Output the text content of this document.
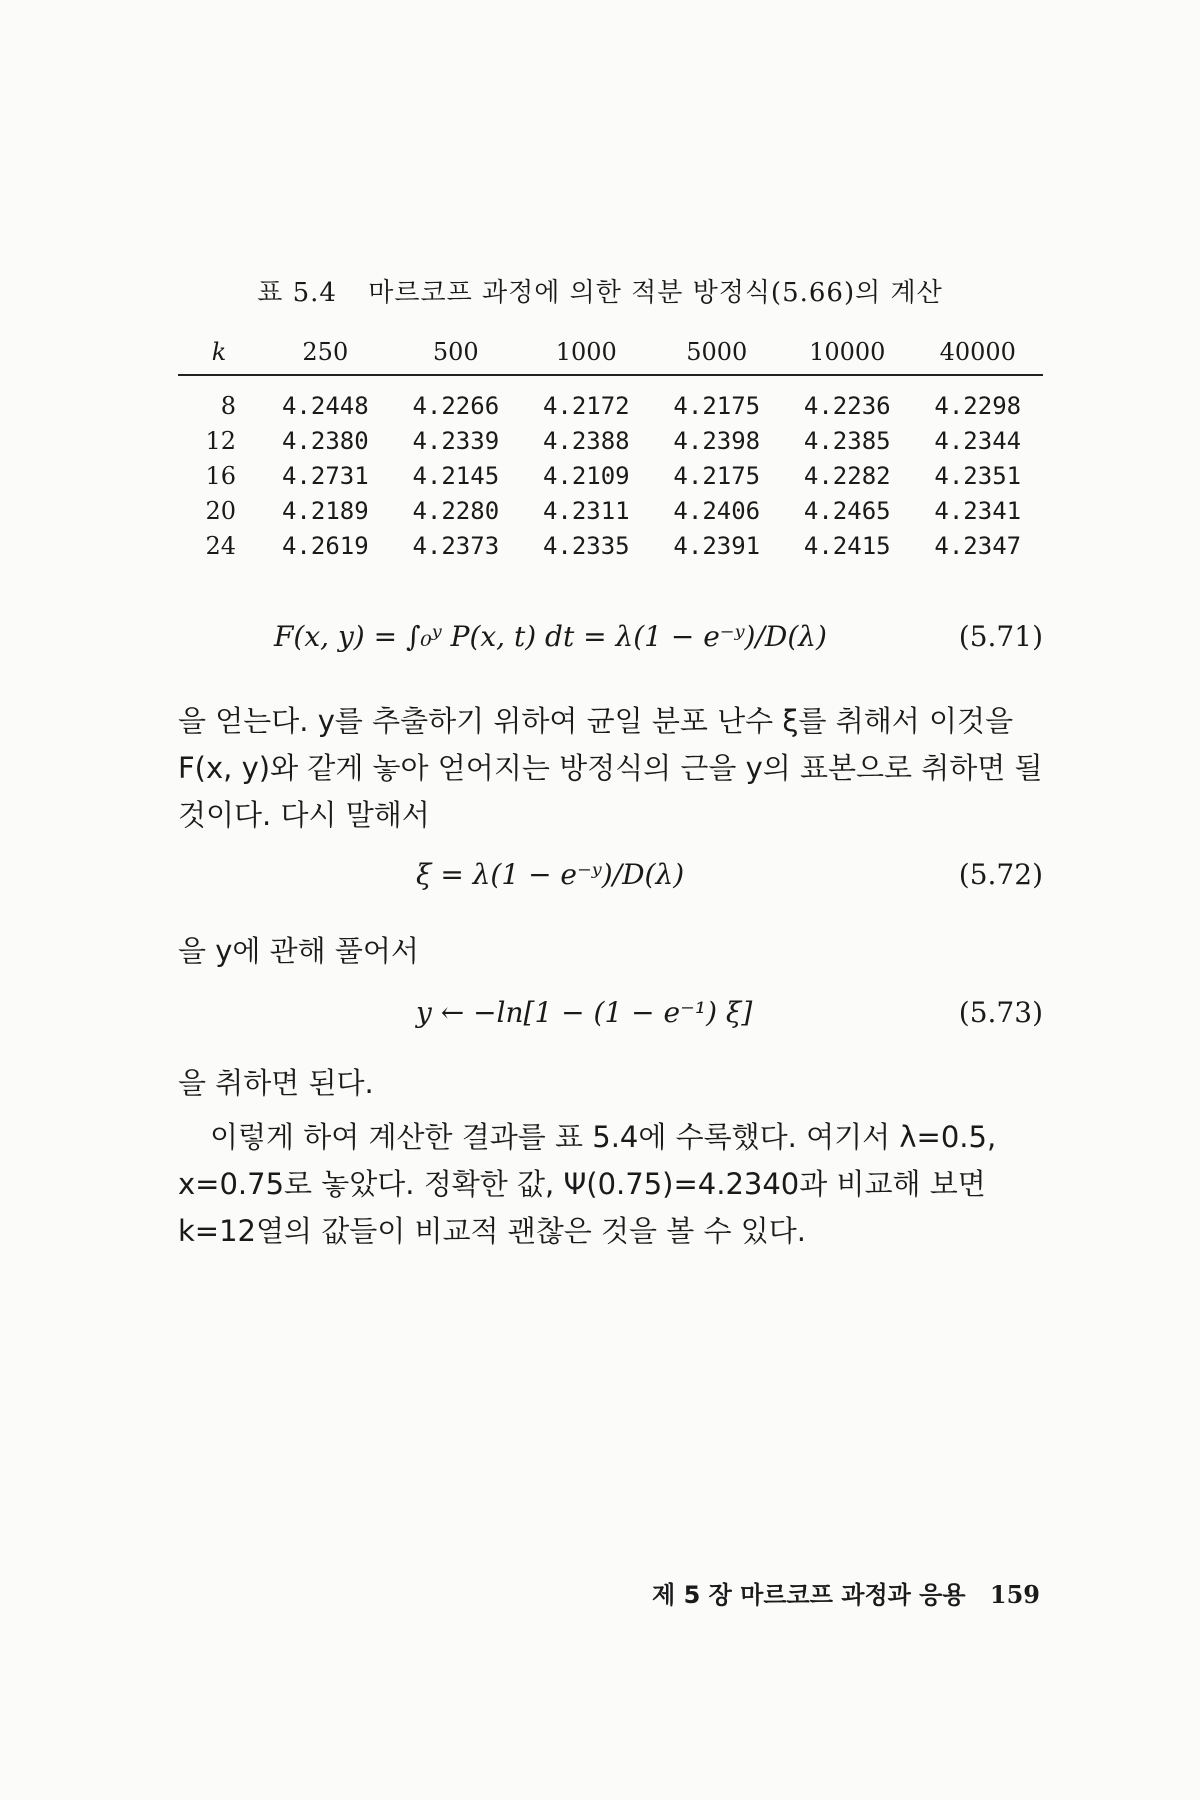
표 5.4 마르코프 과정에 의한 적분 방정식(5.66)의 계산
k	250	500	1000	5000	10000	40000
8	4.2448	4.2266	4.2172	4.2175	4.2236	4.2298
12	4.2380	4.2339	4.2388	4.2398	4.2385	4.2344
16	4.2731	4.2145	4.2109	4.2175	4.2282	4.2351
20	4.2189	4.2280	4.2311	4.2406	4.2465	4.2341
24	4.2619	4.2373	4.2335	4.2391	4.2415	4.2347
F(x, y) = ∫₀ʸ P(x, t) dt = λ(1 − e⁻ʸ)/D(λ)	(5.71)

을 얻는다. y를 추출하기 위하여 균일 분포 난수 ξ를 취해서 이것을 F(x, y)와 같게 놓아 얻어지는 방정식의 근을 y의 표본으로 취하면 될 것이다. 다시 말해서

ξ = λ(1 − e⁻ʸ)/D(λ)	(5.72)

을 y에 관해 풀어서

y ← −ln[1 − (1 − e⁻¹) ξ]	(5.73)

을 취하면 된다.

이렇게 하여 계산한 결과를 표 5.4에 수록했다. 여기서 λ=0.5, x=0.75로 놓았다. 정확한 값, Ψ(0.75)=4.2340과 비교해 보면 k=12열의 값들이 비교적 괜찮은 것을 볼 수 있다.

제 5 장 마르코프 과정과 응용 159
